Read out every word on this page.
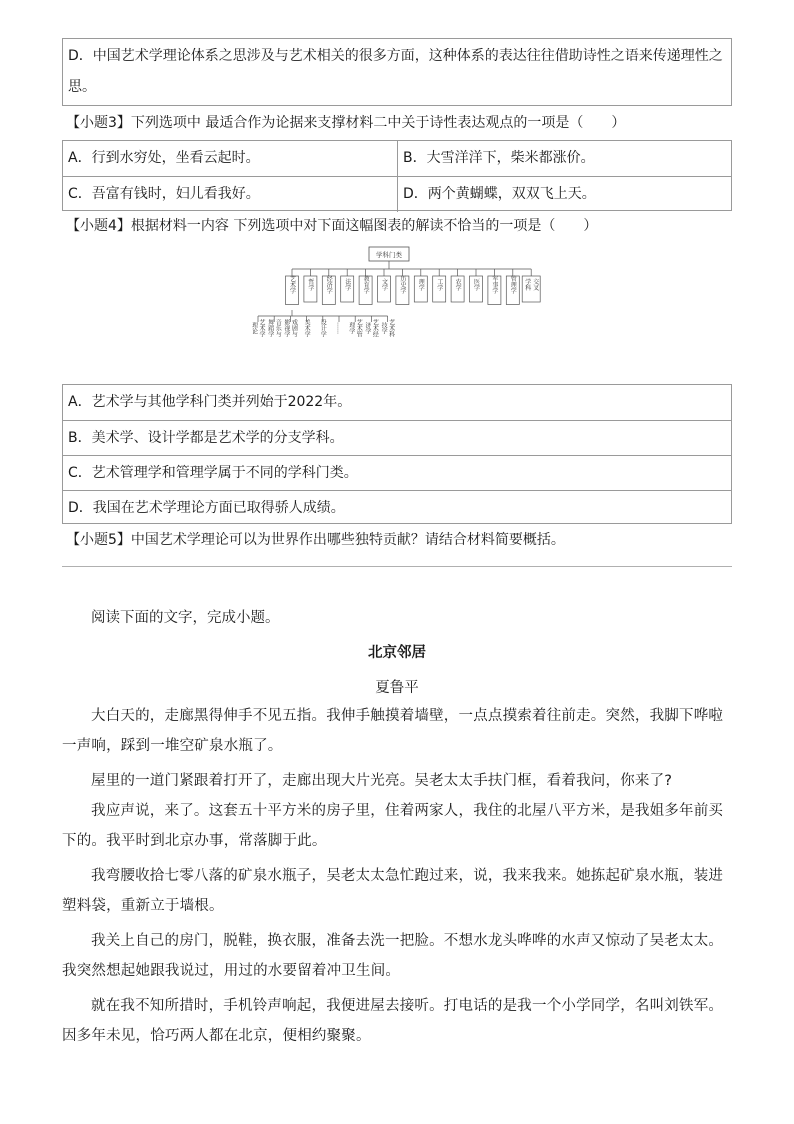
D．中国艺术学理论体系之思涉及与艺术相关的很多方面，这种体系的表达往往借助诗性之语来传递理性之
思。
【小题3】下列选项中 最适合作为论据来支撑材料二中关于诗性表达观点的一项是（　　）
A．行到水穷处，坐看云起时。	B．大雪洋洋下，柴米都涨价。
C．吾富有钱时，妇儿看我好。	D．两个黄蝴蝶，双双飞上天。
【小题4】根据材料一内容 下列选项中对下面这幅图表的解读不恰当的一项是（　　）
学科门类
艺术学 哲学 经济学 法学 教育学 文学 历史学 理学 工学 农学 医学 军事学 管理学	交叉
学科
艺术学
理论	音乐与
舞蹈学	戏剧与
影视学 美术学 设计学 …… 艺术管
理学	艺术经
济学	艺术科
技学
A．艺术学与其他学科门类并列始于2022年。
B．美术学、设计学都是艺术学的分支学科。
C．艺术管理学和管理学属于不同的学科门类。
D．我国在艺术学理论方面已取得骄人成绩。
【小题5】中国艺术学理论可以为世界作出哪些独特贡献？请结合材料简要概括。
阅读下面的文字，完成小题。
北京邻居
夏鲁平
大白天的，走廊黑得伸手不见五指。我伸手触摸着墙壁，一点点摸索着往前走。突然，我脚下哗啦一声响，踩到一堆空矿泉水瓶了。
屋里的一道门紧跟着打开了，走廊出现大片光亮。吴老太太手扶门框，看着我问，你来了?
我应声说，来了。这套五十平方米的房子里，住着两家人，我住的北屋八平方米，是我姐多年前买下的。我平时到北京办事，常落脚于此。
我弯腰收拾七零八落的矿泉水瓶子，吴老太太急忙跑过来，说，我来我来。她拣起矿泉水瓶，装进塑料袋，重新立于墙根。
我关上自己的房门，脱鞋，换衣服，准备去洗一把脸。不想水龙头哗哗的水声又惊动了吴老太太。我突然想起她跟我说过，用过的水要留着冲卫生间。
就在我不知所措时，手机铃声响起，我便进屋去接听。打电话的是我一个小学同学，名叫刘铁军。因多年未见，恰巧两人都在北京，便相约聚聚。
